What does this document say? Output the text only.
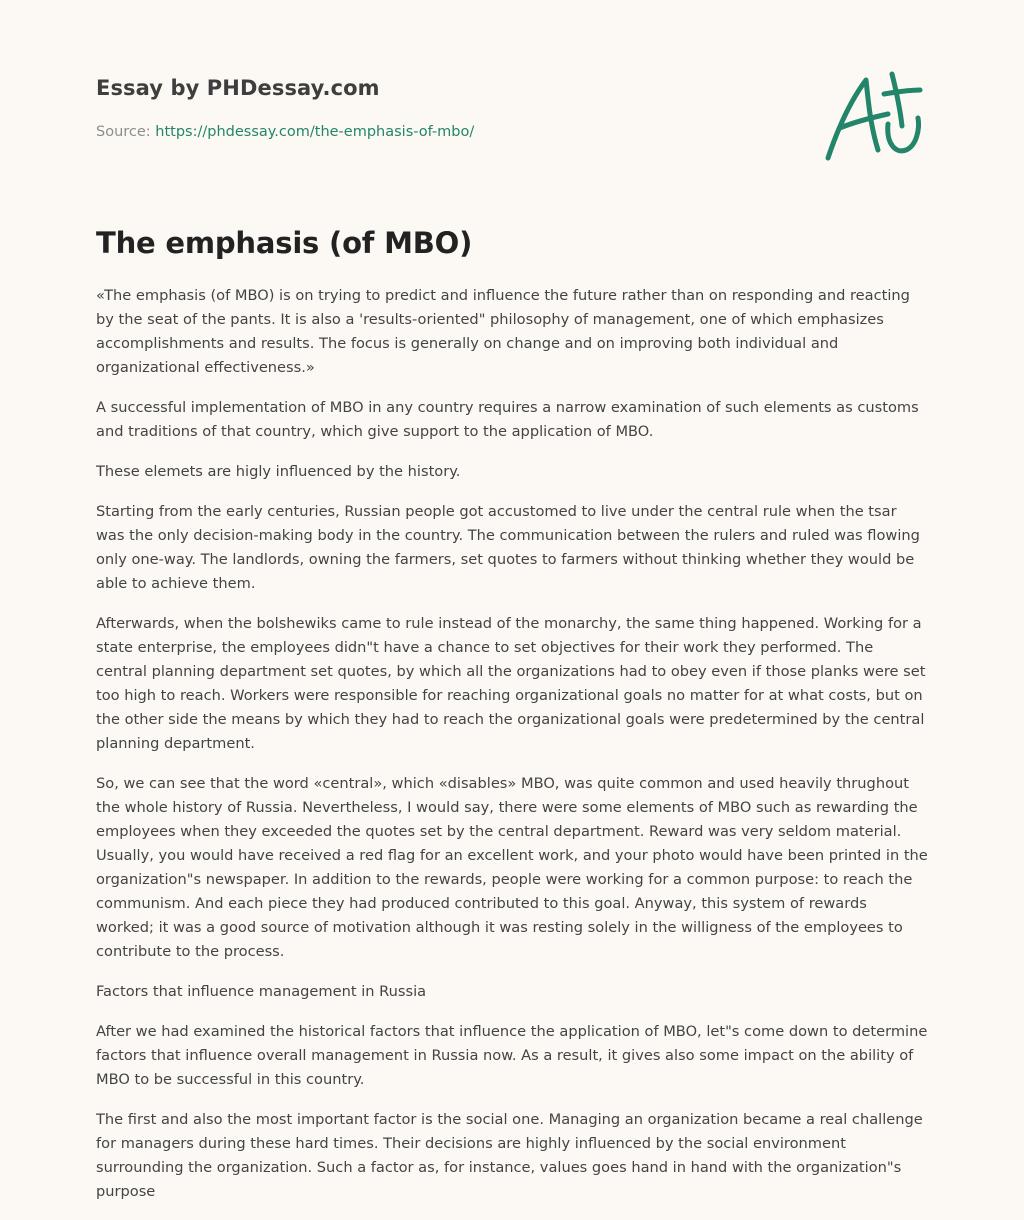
Essay by PHDessay.com
Source: https://phdessay.com/the-emphasis-of-mbo/
The emphasis (of MBO)

«The emphasis (of MBO) is on trying to predict and influence the future rather than on responding and reacting by the seat of the pants. It is also a 'results-oriented" philosophy of management, one of which emphasizes accomplishments and results. The focus is generally on change and on improving both individual and organizational effectiveness.»

A successful implementation of MBO in any country requires a narrow examination of such elements as customs and traditions of that country, which give support to the application of MBO.

These elemets are higly influenced by the history.

Starting from the early centuries, Russian people got accustomed to live under the central rule when the tsar was the only decision-making body in the country. The communication between the rulers and ruled was flowing only one-way. The landlords, owning the farmers, set quotes to farmers without thinking whether they would be able to achieve them.

Afterwards, when the bolshewiks came to rule instead of the monarchy, the same thing happened. Working for a state enterprise, the employees didn"t have a chance to set objectives for their work they performed. The central planning department set quotes, by which all the organizations had to obey even if those planks were set too high to reach. Workers were responsible for reaching organizational goals no matter for at what costs, but on the other side the means by which they had to reach the organizational goals were predetermined by the central planning department.

So, we can see that the word «central», which «disables» MBO, was quite common and used heavily thrughout the whole history of Russia. Nevertheless, I would say, there were some elements of MBO such as rewarding the employees when they exceeded the quotes set by the central department. Reward was very seldom material. Usually, you would have received a red flag for an excellent work, and your photo would have been printed in the organization"s newspaper. In addition to the rewards, people were working for a common purpose: to reach the communism. And each piece they had produced contributed to this goal. Anyway, this system of rewards worked; it was a good source of motivation although it was resting solely in the willigness of the employees to contribute to the process.

Factors that influence management in Russia

After we had examined the historical factors that influence the application of MBO, let"s come down to determine factors that influence overall management in Russia now. As a result, it gives also some impact on the ability of MBO to be successful in this country.

The first and also the most important factor is the social one. Managing an organization became a real challenge for managers during these hard times. Their decisions are highly influenced by the social environment surrounding the organization. Such a factor as, for instance, values goes hand in hand with the organization"s purpose
